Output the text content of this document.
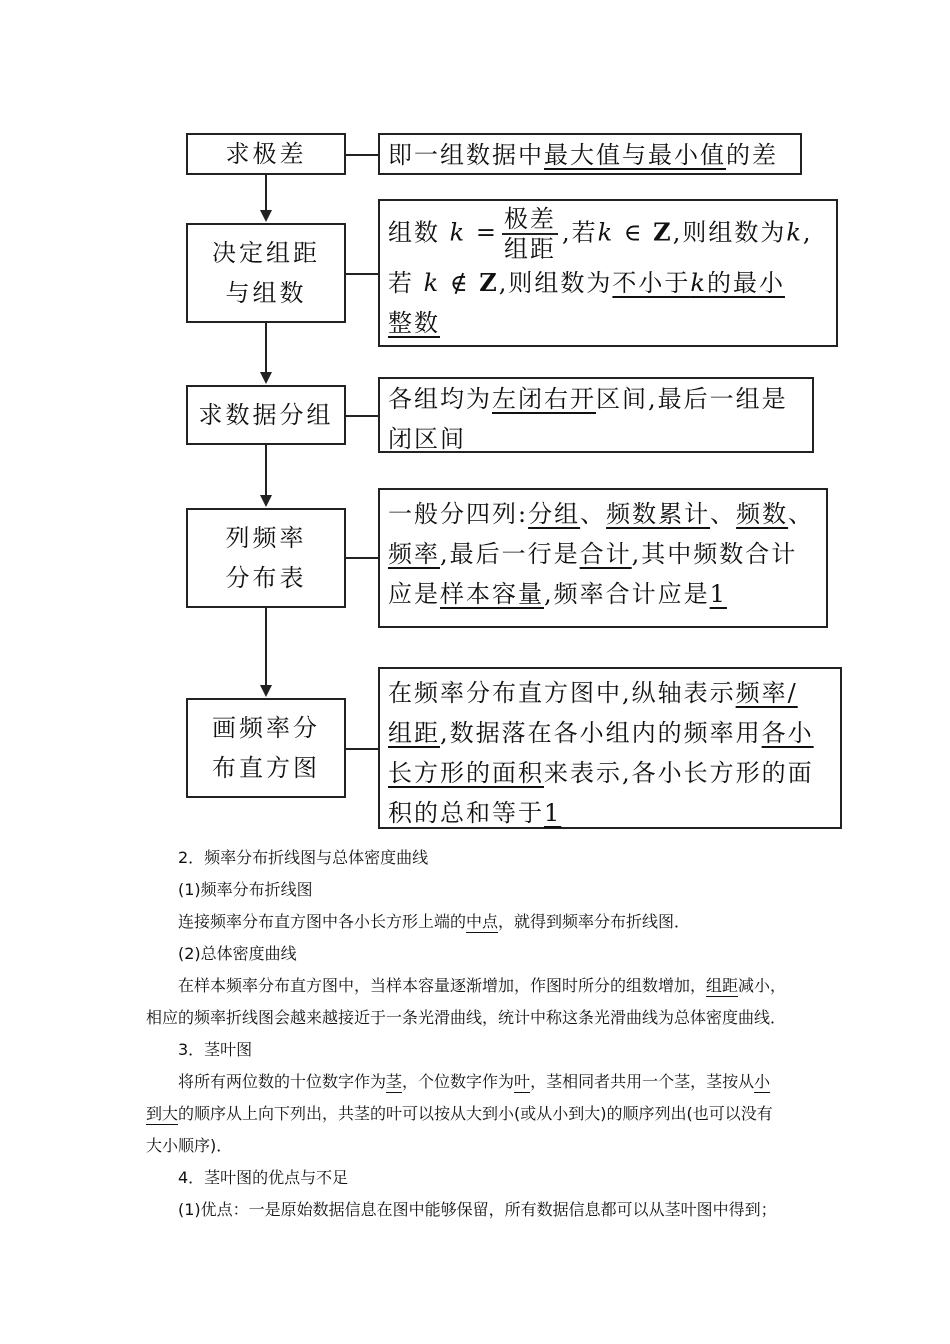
求极差
决定组距
与组数
求数据分组
列频率
分布表
画频率分
布直方图

即一组数据中最大值与最小值的差

组数 $k = \frac{\text{极差}}{\text{组距}}$ ,若k ∈ Z,则组数为k,

若 k ∉ Z,则组数为不小于k的最小

整数

各组均为左闭右开区间,最后一组是

闭区间

一般分四列:分组、频数累计、频数、

频率,最后一行是合计,其中频数合计

应是样本容量,频率合计应是1

在频率分布直方图中,纵轴表示频率/

组距,数据落在各小组内的频率用各小

长方形的面积来表示,各小长方形的面

积的总和等于1

2．频率分布折线图与总体密度曲线

(1)频率分布折线图

连接频率分布直方图中各小长方形上端的中点，就得到频率分布折线图．

(2)总体密度曲线

在样本频率分布直方图中，当样本容量逐渐增加，作图时所分的组数增加，组距减小，

相应的频率折线图会越来越接近于一条光滑曲线，统计中称这条光滑曲线为总体密度曲线．

3．茎叶图

将所有两位数的十位数字作为茎，个位数字作为叶，茎相同者共用一个茎，茎按从小

到大的顺序从上向下列出，共茎的叶可以按从大到小(或从小到大)的顺序列出(也可以没有

大小顺序)．

4．茎叶图的优点与不足

(1)优点：一是原始数据信息在图中能够保留，所有数据信息都可以从茎叶图中得到；
